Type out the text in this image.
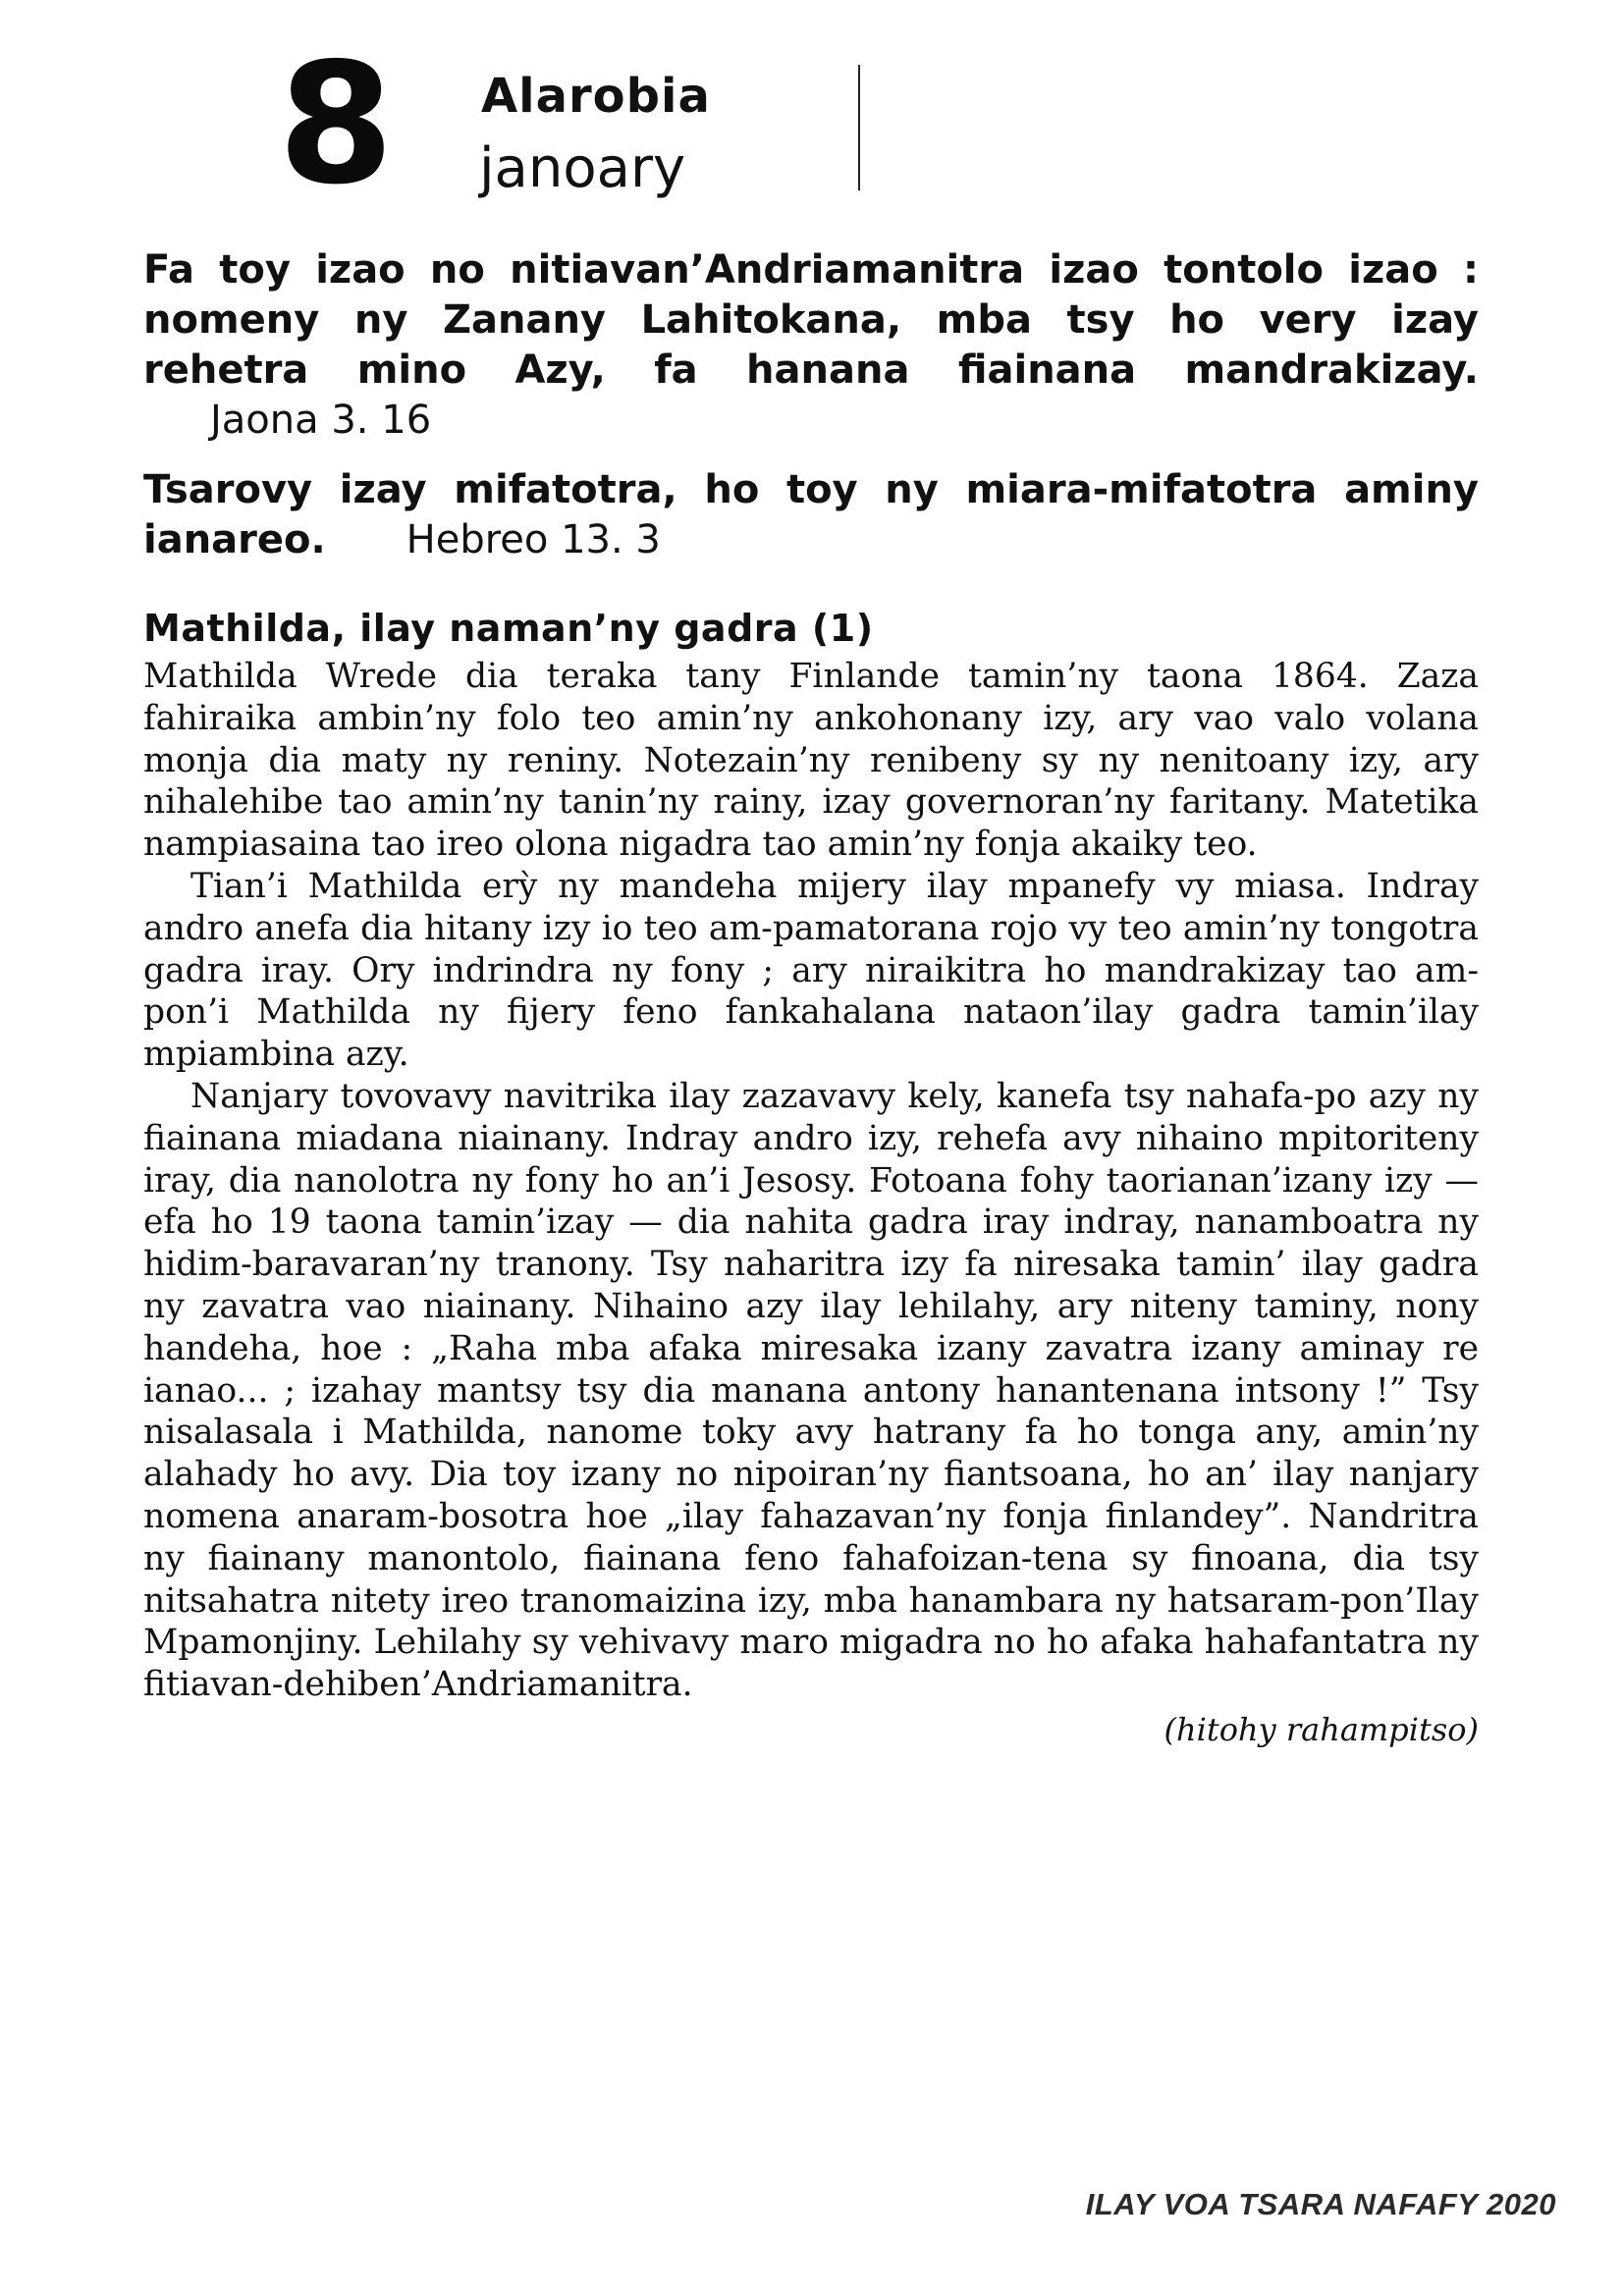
8 Alarobia
janoary

Fa toy izao no nitiavan’Andriamanitra izao tontolo izao : nomeny ny Zanany Lahitokana, mba tsy ho very izay rehetra mino Azy, fa hanana fiainana mandrakizay. Jaona 3. 16

Tsarovy izay mifatotra, ho toy ny miara-mifatotra aminy ianareo. Hebreo 13. 3

Mathilda, ilay naman’ny gadra (1)

Mathilda Wrede dia teraka tany Finlande tamin’ny taona 1864. Zaza fahiraika ambin’ny folo teo amin’ny ankohonany izy, ary vao valo volana monja dia maty ny reniny. Notezain’ny renibeny sy ny nenitoany izy, ary nihalehibe tao amin’ny tanin’ny rainy, izay governoran’ny faritany. Matetika nampiasaina tao ireo olona nigadra tao amin’ny fonja akaiky teo.

Tian’i Mathilda erỳ ny mandeha mijery ilay mpanefy vy miasa. Indray andro anefa dia hitany izy io teo am-pamatorana rojo vy teo amin’ny tongotra gadra iray. Ory indrindra ny fony ; ary niraikitra ho mandrakizay tao am-pon’i Mathilda ny fijery feno fankahalana nataon’ilay gadra tamin’ilay mpiambina azy.

Nanjary tovovavy navitrika ilay zazavavy kely, kanefa tsy nahafa-po azy ny fiainana miadana niainany. Indray andro izy, rehefa avy nihaino mpitoriteny iray, dia nanolotra ny fony ho an’i Jesosy. Fotoana fohy taorianan’izany izy — efa ho 19 taona tamin’izay — dia nahita gadra iray indray, nanamboatra ny hidim-baravaran’ny tranony. Tsy naharitra izy fa niresaka tamin’ ilay gadra ny zavatra vao niainany. Nihaino azy ilay lehilahy, ary niteny taminy, nony handeha, hoe : „Raha mba afaka miresaka izany zavatra izany aminay re ianao... ; izahay mantsy tsy dia manana antony hanantenana intsony !” Tsy nisalasala i Mathilda, nanome toky avy hatrany fa ho tonga any, amin’ny alahady ho avy. Dia toy izany no nipoiran’ny fiantsoana, ho an’ ilay nanjary nomena anaram-bosotra hoe „ilay fahazavan’ny fonja finlandey”. Nandritra ny fiainany manontolo, fiainana feno fahafoizan-tena sy finoana, dia tsy nitsahatra nitety ireo tranomaizina izy, mba hanambara ny hatsaram-pon’Ilay Mpamonjiny. Lehilahy sy vehivavy maro migadra no ho afaka hahafantatra ny fitiavan-dehiben’Andriamanitra.

(hitohy rahampitso)

ILAY VOA TSARA NAFAFY 2020
